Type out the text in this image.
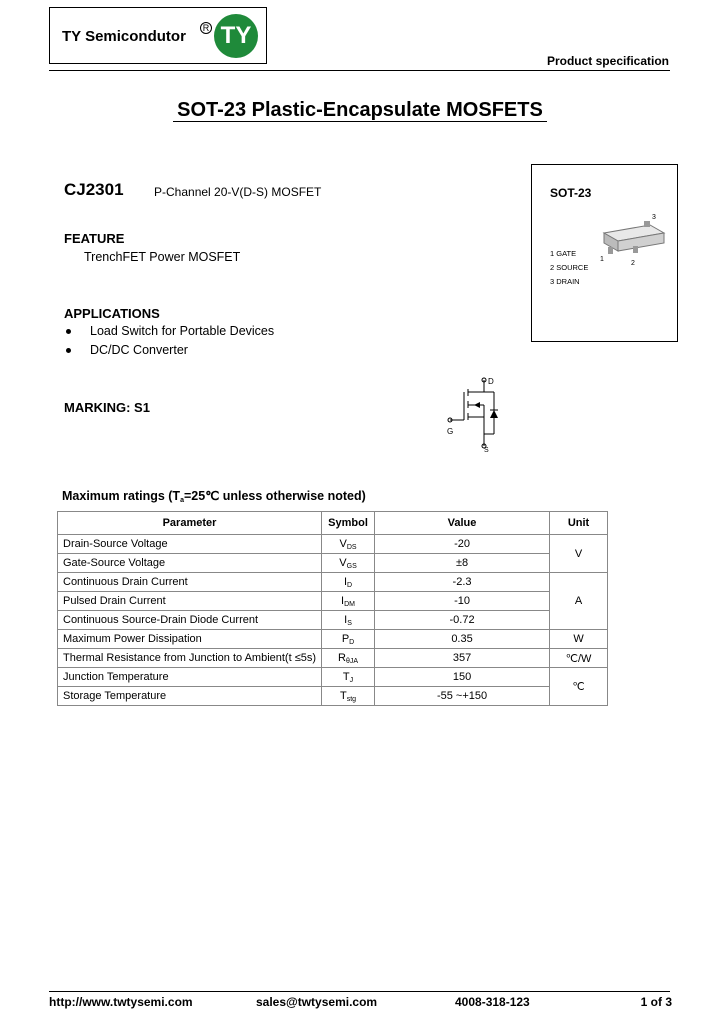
TY Semicondutor	R TY
Product specification
SOT-23 Plastic-Encapsulate MOSFETS
CJ2301	P-Channel 20-V(D-S) MOSFET
FEATURE
TrenchFET Power MOSFET
APPLICATIONS
Load Switch for Portable Devices
DC/DC Converter
MARKING: S1
SOT-23
3
1
2
1 GATE
2 SOURCE
3 DRAIN
D
G
S
Maximum ratings ($T_a=25℃$ unless otherwise noted)
Parameter	Symbol	Value	Unit
Drain-Source Voltage	$V_{DS}$	-20	V
Gate-Source Voltage	$V_{GS}$	±8	
Continuous Drain Current	$I_D$	-2.3	A
Pulsed Drain Current	$I_{DM}$	-10	
Continuous Source-Drain Diode Current	$I_S$	-0.72	
Maximum Power Dissipation	$P_D$	0.35	W
Thermal Resistance from Junction to Ambient(t ≤5s)	$R_{\theta JA}$	357	℃/W
Junction Temperature	$T_J$	150	℃
Storage Temperature	$T_{stg}$	-55 ~+150	
http://www.twtysemi.com	sales@twtysemi.com	4008-318-123	1 of 3
